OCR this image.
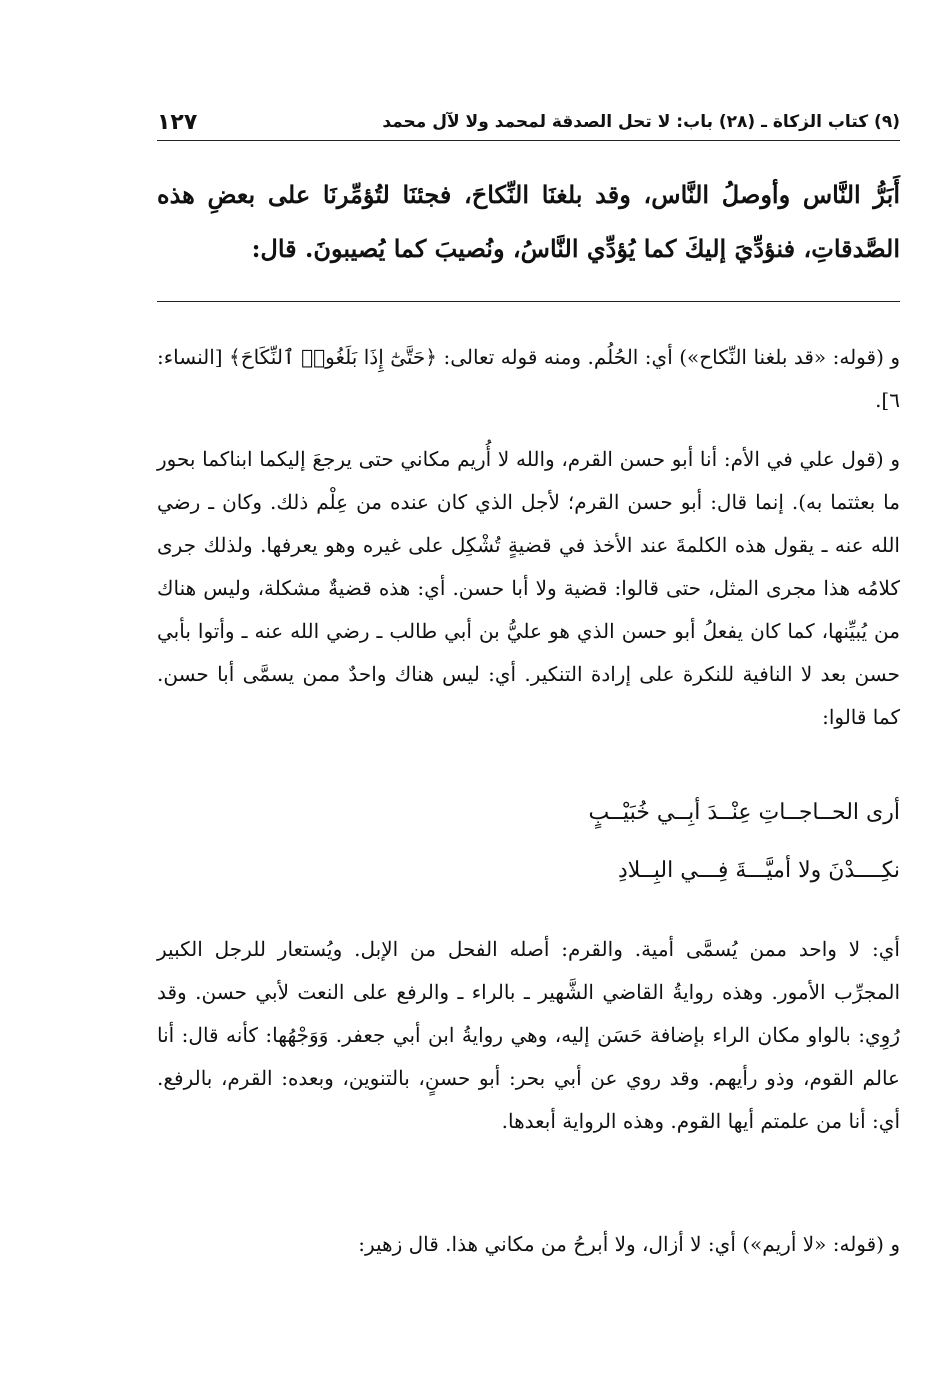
(٩) كتاب الزكاة ـ (٢٨) باب: لا تحل الصدقة لمحمد ولا لآل محمد
١٢٧
أَبَرُّ النَّاس وأوصلُ النَّاس، وقد بلغنَا النِّكاحَ، فجئنَا لتُؤمِّرنَا على بعضِ هذه الصَّدقاتِ، فنؤدِّيَ إليكَ كما يُؤدِّي النَّاسُ، ونُصيبَ كما يُصيبونَ. قال:
و (قوله: «قد بلغنا النِّكاح») أي: الحُلُم. ومنه قوله تعالى: ﴿حَتَّىٰٓ إِذَا بَلَغُوا۟ ٱلنِّكَاحَ﴾ [النساء: ٦].
و (قول علي في الأم: أنا أبو حسن القرم، والله لا أُريم مكاني حتى يرجعَ إليكما ابناكما بحور ما بعثتما به). إنما قال: أبو حسن القرم؛ لأجل الذي كان عنده من عِلْم ذلك. وكان ـ رضي الله عنه ـ يقول هذه الكلمةَ عند الأخذ في قضيةٍ تُشْكِل على غيره وهو يعرفها. ولذلك جرى كلامُه هذا مجرى المثل، حتى قالوا: قضية ولا أبا حسن. أي: هذه قضيةٌ مشكلة، وليس هناك من يُبيِّنها، كما كان يفعلُ أبو حسن الذي هو عليُّ بن أبي طالب ـ رضي الله عنه ـ وأتوا بأبي حسن بعد لا النافية للنكرة على إرادة التنكير. أي: ليس هناك واحدٌ ممن يسمَّى أبا حسن. كما قالوا:
أرى الحــاجــاتِ عِنْــدَ أبِــي خُبَيْــبٍ
نكِــــدْنَ ولا أميَّـــةَ فِـــي البِــلادِ
أي: لا واحد ممن يُسمَّى أمية. والقرم: أصله الفحل من الإبل. ويُستعار للرجل الكبير المجرِّب الأمور. وهذه روايةُ القاضي الشَّهير ـ بالراء ـ والرفع على النعت لأبي حسن. وقد رُوِي: بالواو مكان الراء بإضافة حَسَن إليه، وهي روايةُ ابن أبي جعفر. وَوَجْهُها: كأنه قال: أنا عالم القوم، وذو رأيهم. وقد روي عن أبي بحر: أبو حسنٍ، بالتنوين، وبعده: القرم، بالرفع. أي: أنا من علمتم أيها القوم. وهذه الرواية أبعدها.
و (قوله: «لا أريم») أي: لا أزال، ولا أبرحُ من مكاني هذا. قال زهير:
